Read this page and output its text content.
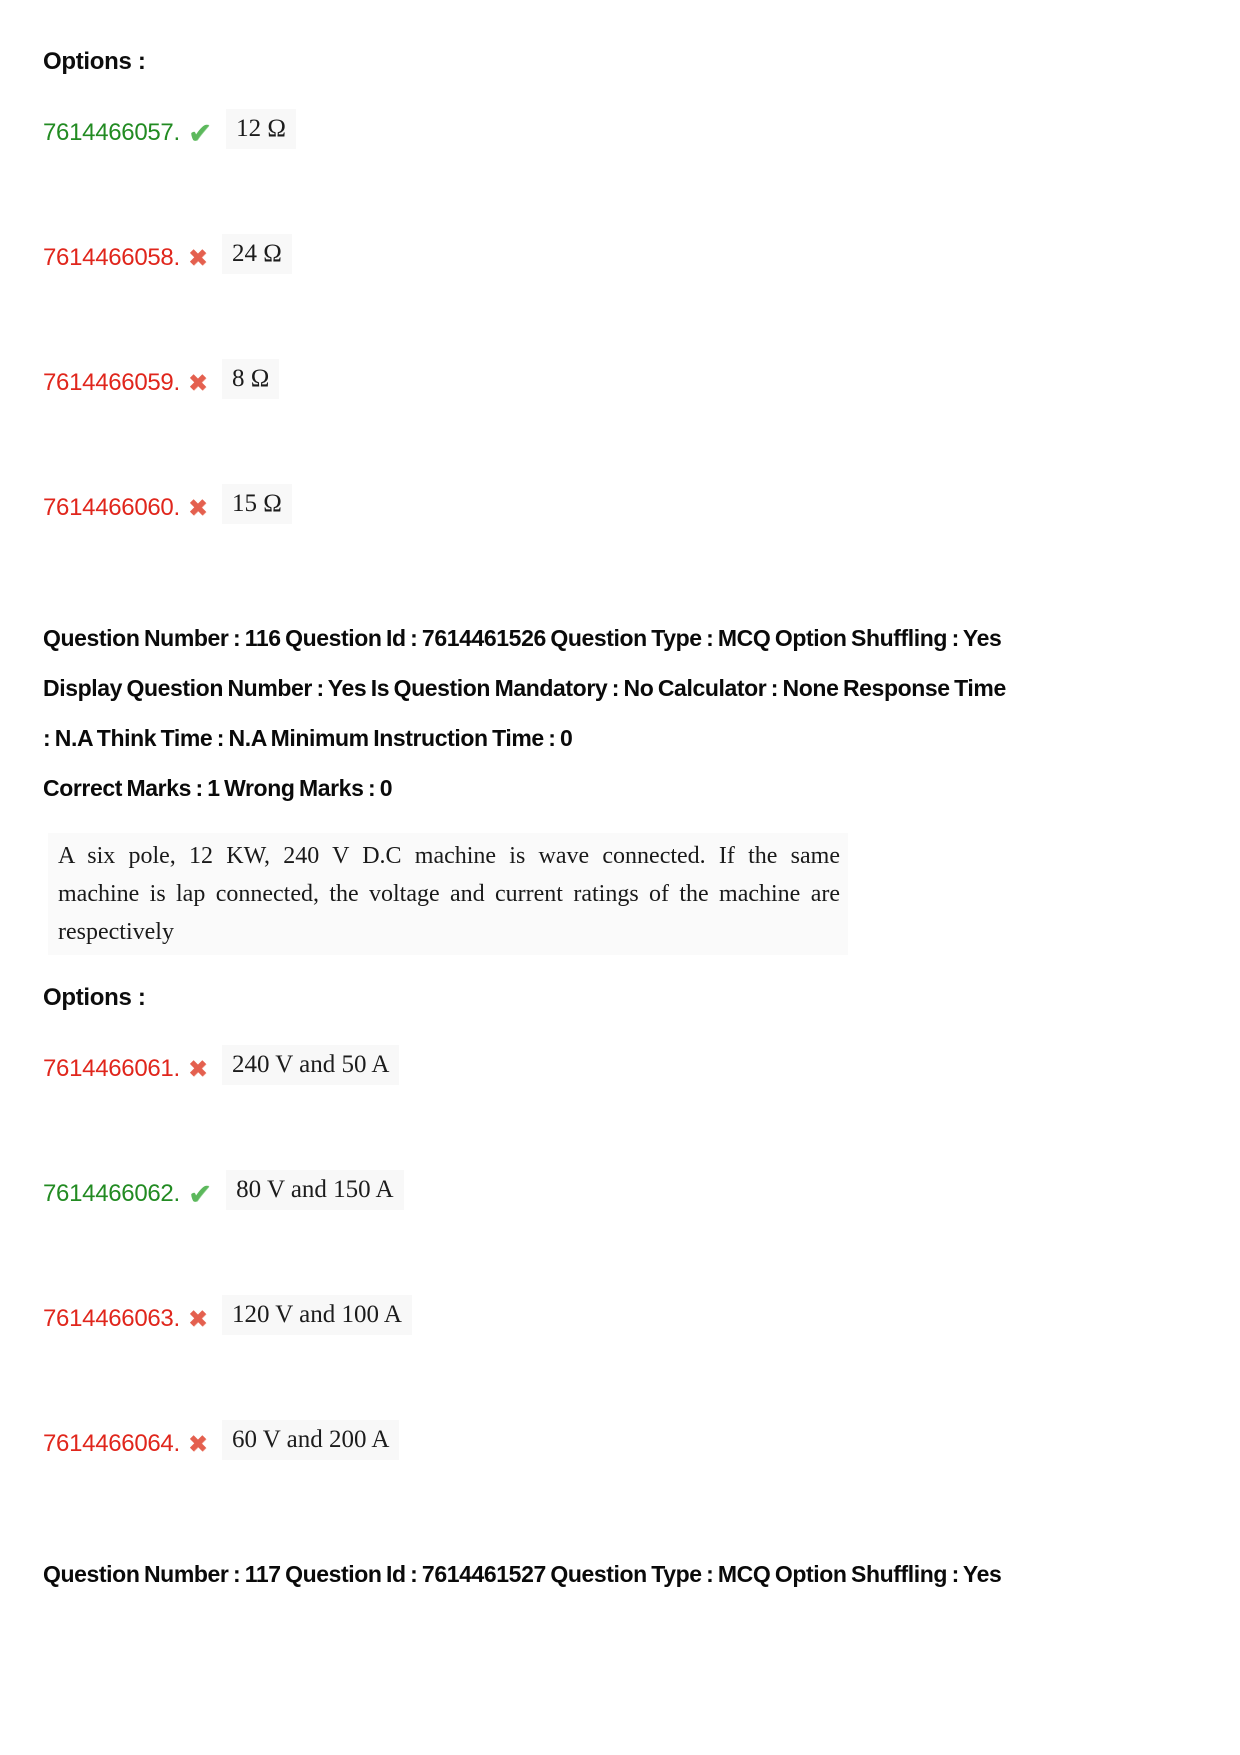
Options :
7614466057. ✔	12 Ω
7614466058. ✖	24 Ω
7614466059. ✖	8 Ω
7614466060. ✖	15 Ω
Question Number : 116 Question Id : 7614461526 Question Type : MCQ Option Shuffling : Yes
Display Question Number : Yes Is Question Mandatory : No Calculator : None Response Time
: N.A Think Time : N.A Minimum Instruction Time : 0
Correct Marks : 1 Wrong Marks : 0
A six pole, 12 KW, 240 V D.C machine is wave connected. If the same
machine is lap connected, the voltage and current ratings of the machine are
respectively
Options :
7614466061. ✖	240 V and 50 A
7614466062. ✔	80 V and 150 A
7614466063. ✖	120 V and 100 A
7614466064. ✖	60 V and 200 A
Question Number : 117 Question Id : 7614461527 Question Type : MCQ Option Shuffling : Yes
